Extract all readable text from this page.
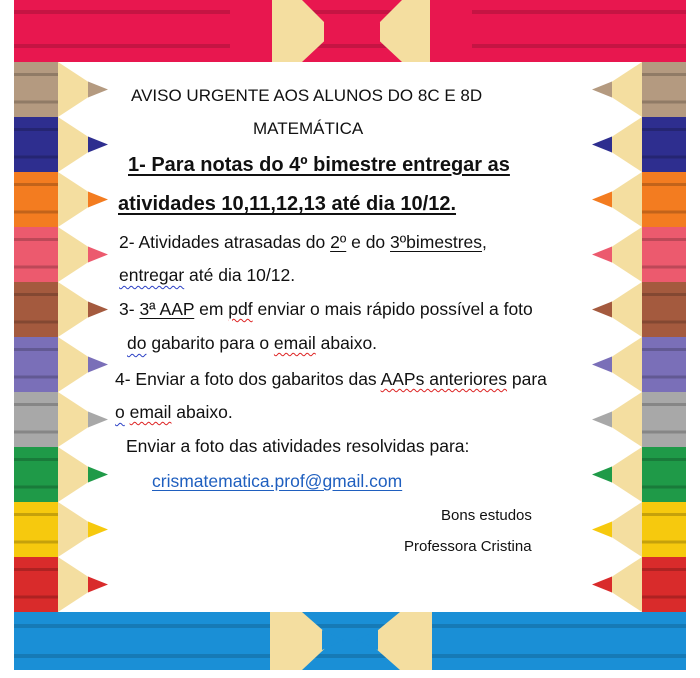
AVISO URGENTE AOS ALUNOS DO 8C E 8D
MATEMÁTICA
1- Para notas do 4º bimestre entregar as
atividades 10,11,12,13 até dia 10/12.
2- Atividades atrasadas do 2º e do 3ºbimestres,
entregar até dia 10/12.
3- 3ª AAP em pdf enviar o mais rápido possível a foto
do gabarito para o email abaixo.
4- Enviar a foto dos gabaritos das AAPs anteriores para
o email abaixo.
Enviar a foto das atividades resolvidas para:
crismatematica.prof@gmail.com
Bons estudos
Professora Cristina
